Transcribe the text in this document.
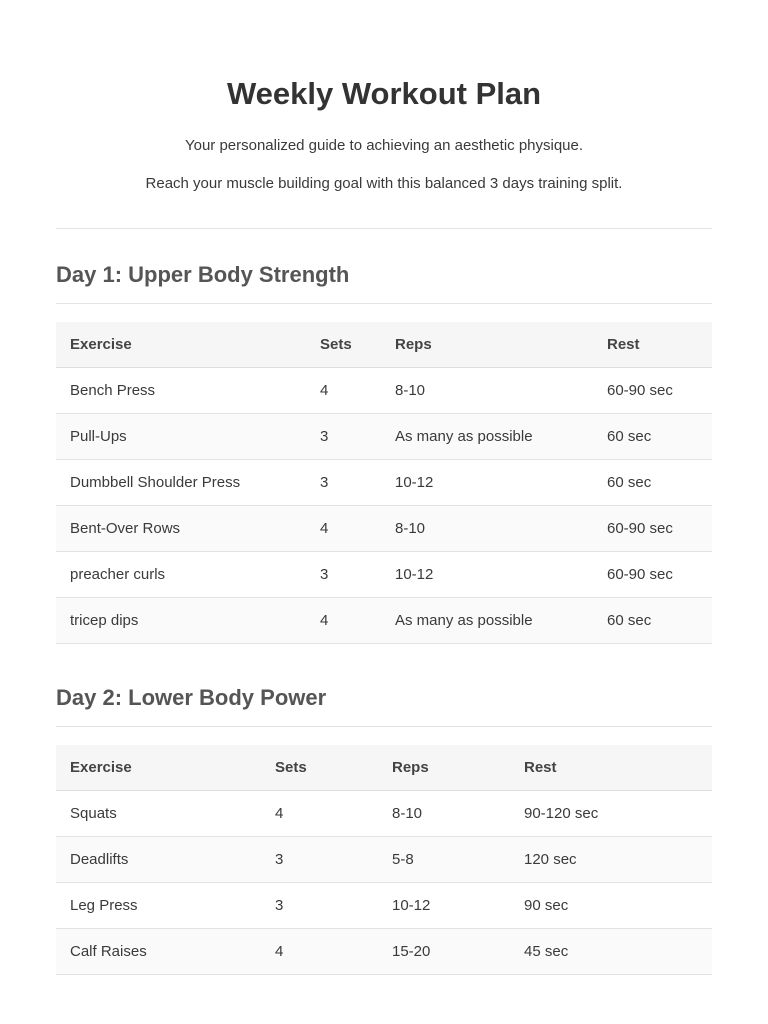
Weekly Workout Plan

Your personalized guide to achieving an aesthetic physique.

Reach your muscle building goal with this balanced 3 days training split.

Day 1: Upper Body Strength
Exercise	Sets	Reps	Rest
Bench Press	4	8-10	60-90 sec
Pull-Ups	3	As many as possible	60 sec
Dumbbell Shoulder Press	3	10-12	60 sec
Bent-Over Rows	4	8-10	60-90 sec
preacher curls	3	10-12	60-90 sec
tricep dips	4	As many as possible	60 sec
Day 2: Lower Body Power
Exercise	Sets	Reps	Rest
Squats	4	8-10	90-120 sec
Deadlifts	3	5-8	120 sec
Leg Press	3	10-12	90 sec
Calf Raises	4	15-20	45 sec
